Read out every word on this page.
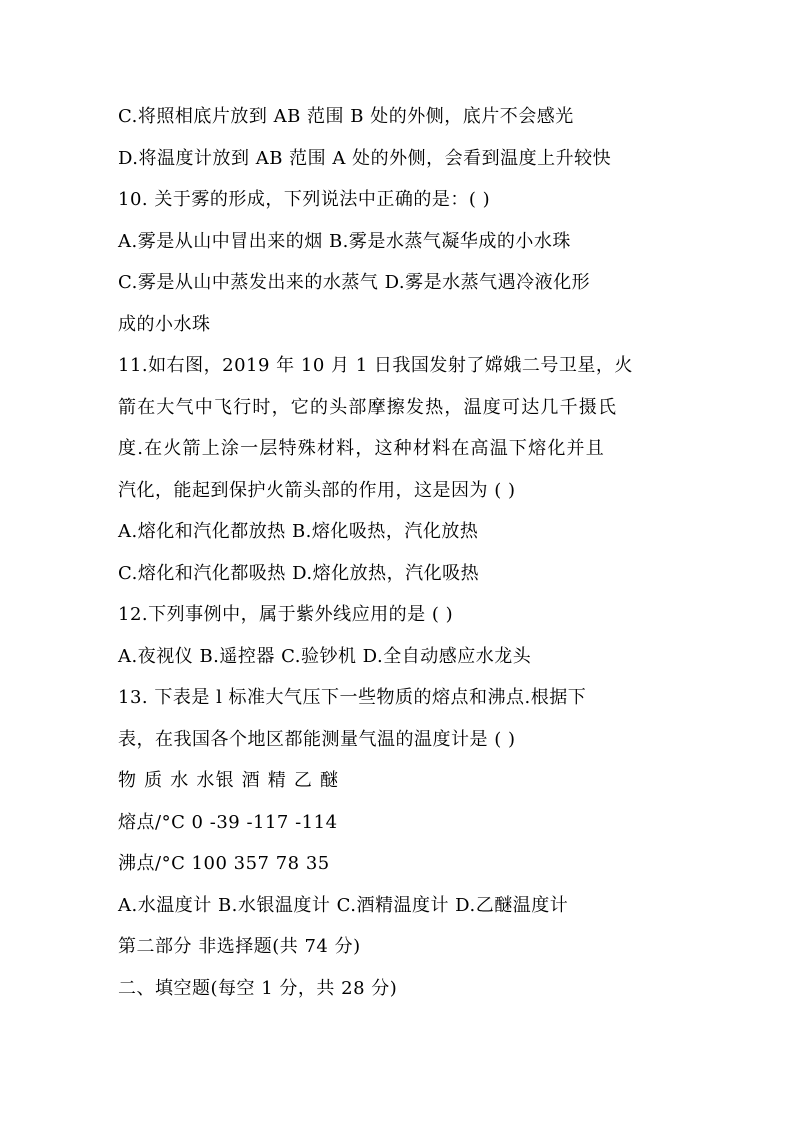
C.将照相底片放到 AB 范围 B 处的外侧，底片不会感光
D.将温度计放到 AB 范围 A 处的外侧，会看到温度上升较快
10. 关于雾的形成，下列说法中正确的是：( )
A.雾是从山中冒出来的烟 B.雾是水蒸气凝华成的小水珠
C.雾是从山中蒸发出来的水蒸气 D.雾是水蒸气遇冷液化形
成的小水珠
11.如右图，2019 年 10 月 1 日我国发射了嫦娥二号卫星，火
箭在大气中飞行时，它的头部摩擦发热，温度可达几千摄氏
度.在火箭上涂一层特殊材料，这种材料在高温下熔化并且
汽化，能起到保护火箭头部的作用，这是因为 ( )
A.熔化和汽化都放热 B.熔化吸热，汽化放热
C.熔化和汽化都吸热 D.熔化放热，汽化吸热
12.下列事例中，属于紫外线应用的是 ( )
A.夜视仪 B.遥控器 C.验钞机 D.全自动感应水龙头
13. 下表是 l 标准大气压下一些物质的熔点和沸点.根据下
表，在我国各个地区都能测量气温的温度计是 ( )
物 质 水 水银 酒 精 乙 醚
熔点/°C 0 -39 -117 -114
沸点/°C 100 357 78 35
A.水温度计 B.水银温度计 C.酒精温度计 D.乙醚温度计
第二部分 非选择题(共 74 分)
二、填空题(每空 1 分，共 28 分)
